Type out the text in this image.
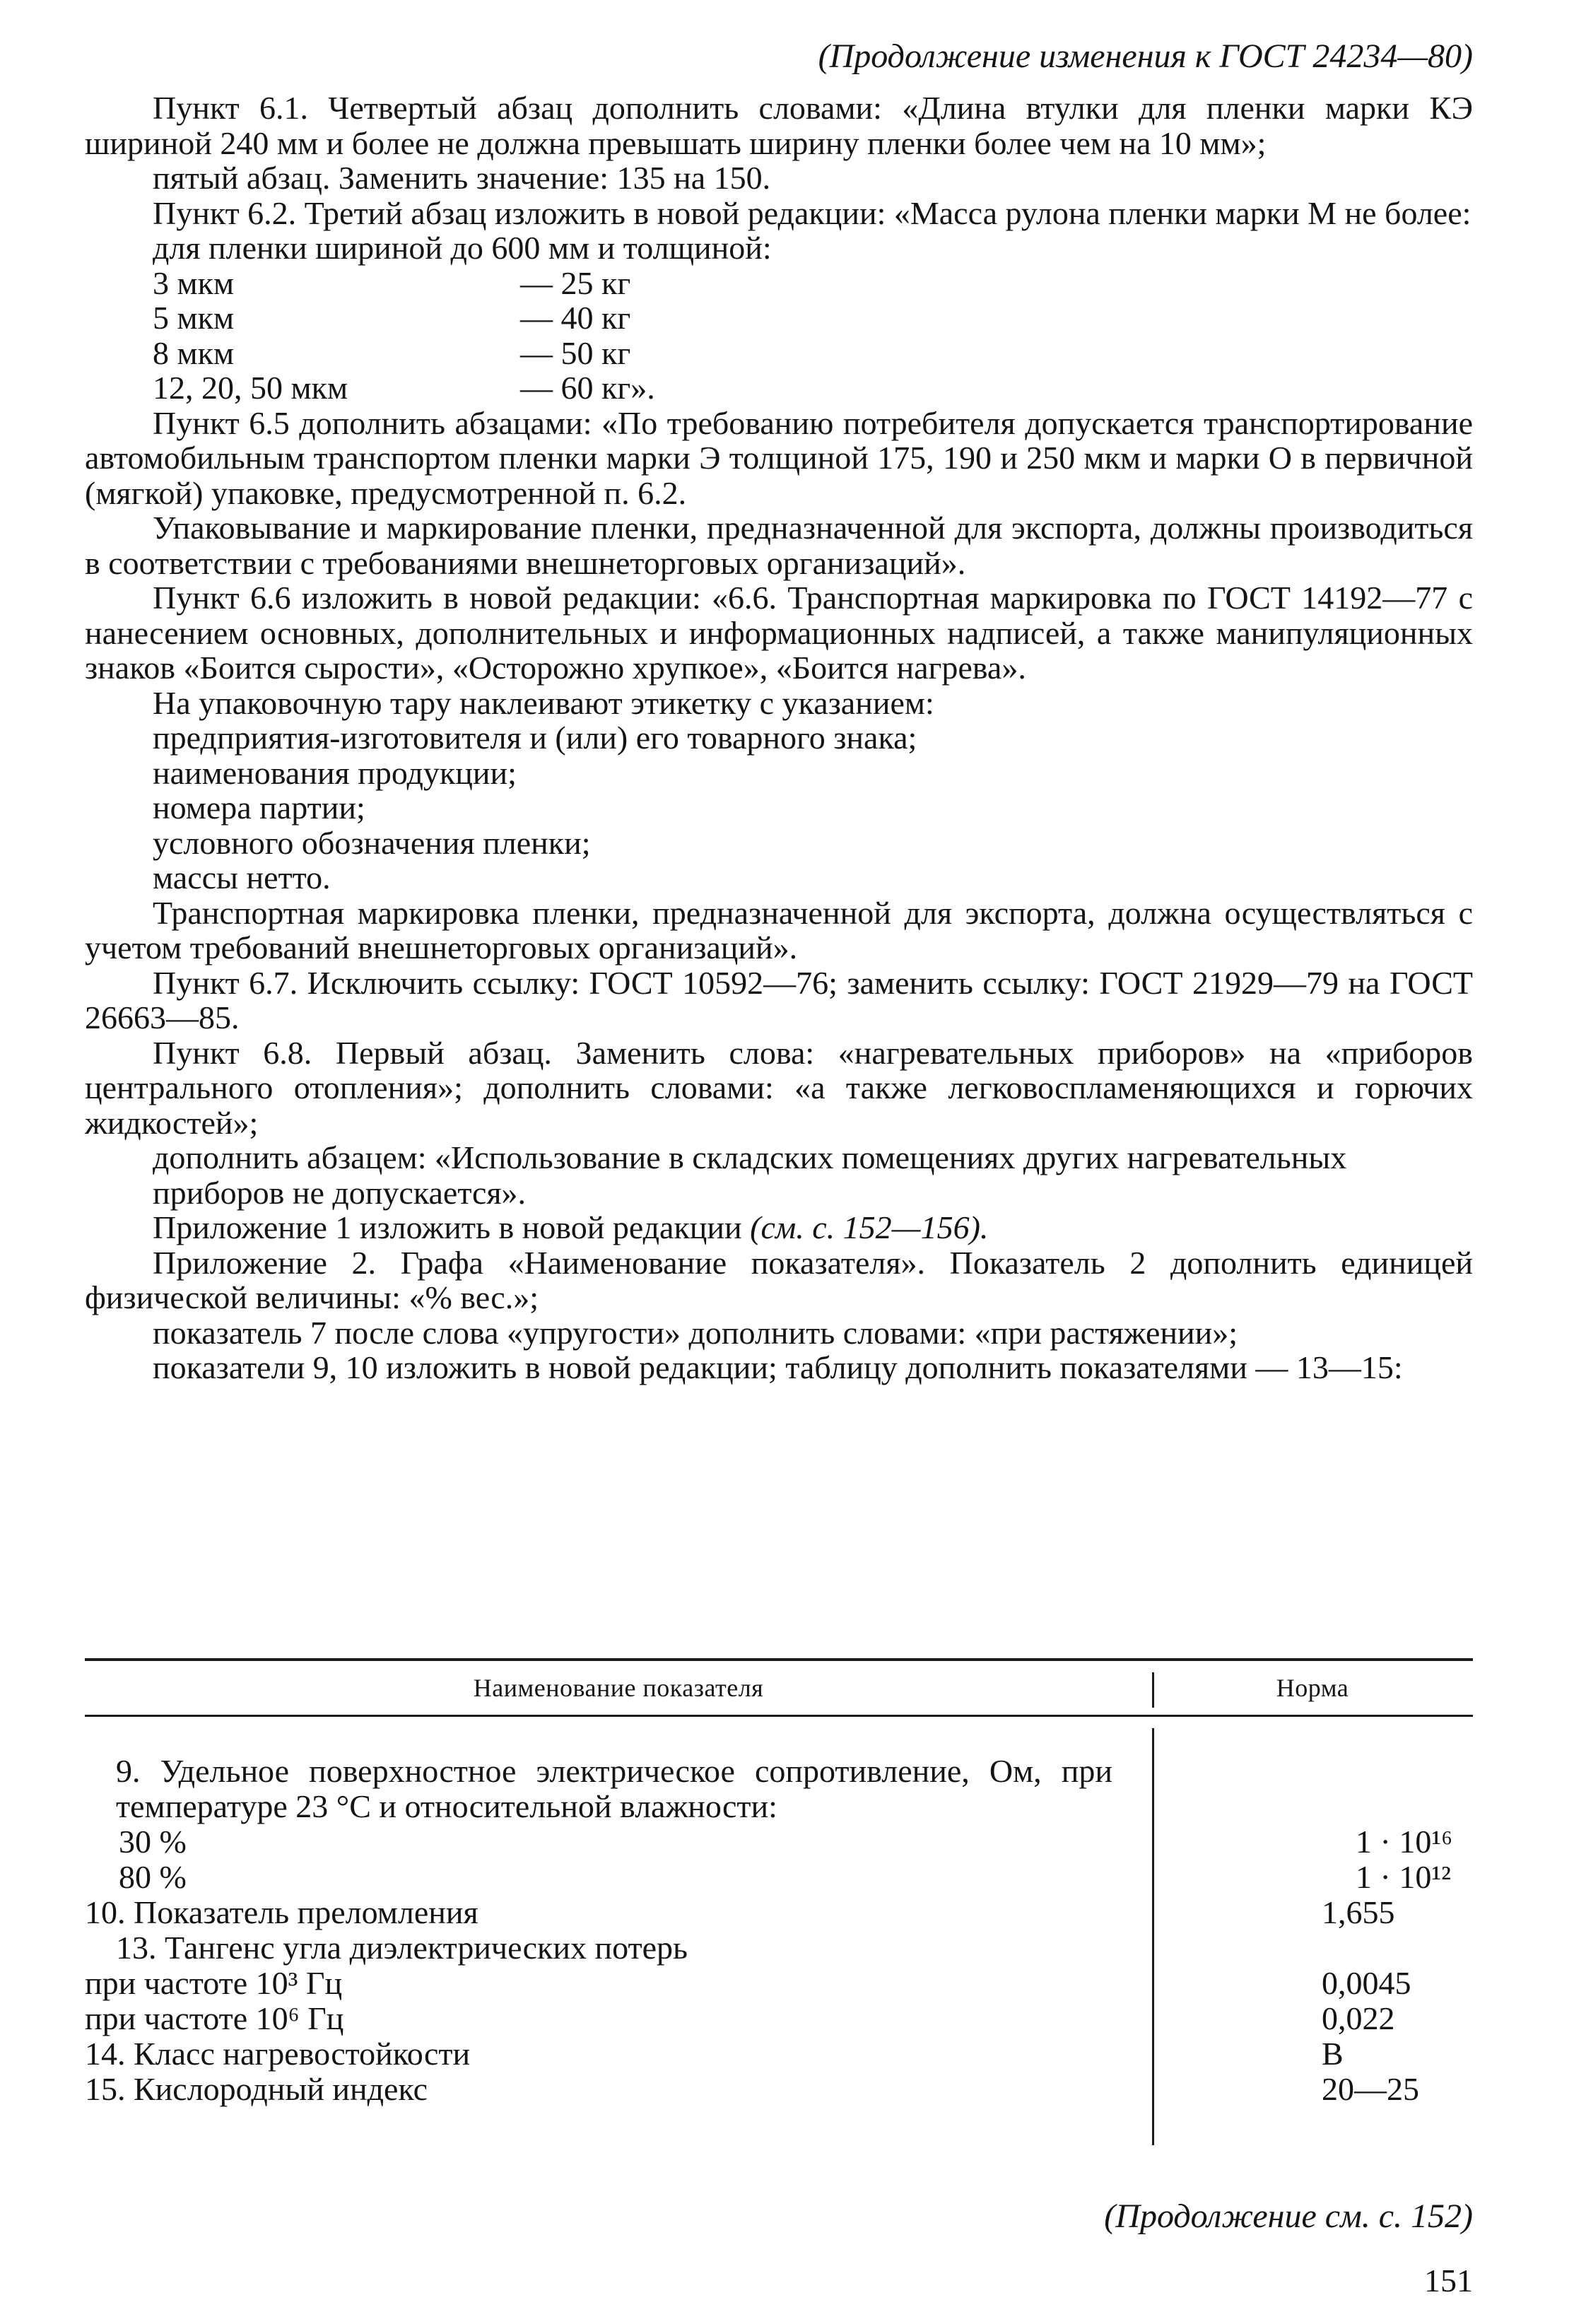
(Продолжение изменения к ГОСТ 24234—80)

Пункт 6.1. Четвертый абзац дополнить словами: «Длина втулки для пленки марки КЭ шириной 240 мм и более не должна превышать ширину пленки более чем на 10 мм»;

пятый абзац. Заменить значение: 135 на 150.

Пункт 6.2. Третий абзац изложить в новой редакции: «Масса рулона пленки марки М не более:

для пленки шириной до 600 мм и толщиной:

3 мкм	— 25 кг
5 мкм	— 40 кг
8 мкм	— 50 кг
12, 20, 50 мкм	— 60 кг».

Пункт 6.5 дополнить абзацами: «По требованию потребителя допускается транспортирование автомобильным транспортом пленки марки Э толщиной 175, 190 и 250 мкм и марки О в первичной (мягкой) упаковке, предусмотренной п. 6.2.

Упаковывание и маркирование пленки, предназначенной для экспорта, должны производиться в соответствии с требованиями внешнеторговых организаций».

Пункт 6.6 изложить в новой редакции: «6.6. Транспортная маркировка по ГОСТ 14192—77 с нанесением основных, дополнительных и информационных надписей, а также манипуляционных знаков «Боится сырости», «Осторожно хрупкое», «Боится нагрева».

На упаковочную тару наклеивают этикетку с указанием:

предприятия-изготовителя и (или) его товарного знака;

наименования продукции;

номера партии;

условного обозначения пленки;

массы нетто.

Транспортная маркировка пленки, предназначенной для экспорта, должна осуществляться с учетом требований внешнеторговых организаций».

Пункт 6.7. Исключить ссылку: ГОСТ 10592—76; заменить ссылку: ГОСТ 21929—79 на ГОСТ 26663—85.

Пункт 6.8. Первый абзац. Заменить слова: «нагревательных приборов» на «приборов центрального отопления»; дополнить словами: «а также легковоспламеняющихся и горючих жидкостей»;

дополнить абзацем: «Использование в складских помещениях других нагревательных приборов не допускается».

Приложение 1 изложить в новой редакции (см. с. 152—156).

Приложение 2. Графа «Наименование показателя». Показатель 2 дополнить единицей физической величины: «% вес.»;

показатель 7 после слова «упругости» дополнить словами: «при растяжении»;

показатели 9, 10 изложить в новой редакции; таблицу дополнить показателями — 13—15:

Наименование показателя	Норма
9. Удельное поверхностное электрическое сопротивление, Ом, при температуре 23 °С и относительной влажности:
30 %	1 · 10¹⁶
80 %	1 · 10¹²
10. Показатель преломления	1,655
13. Тангенс угла диэлектрических потерь
при частоте 10³ Гц	0,0045
при частоте 10⁶ Гц	0,022
14. Класс нагревостойкости	В
15. Кислородный индекс	20—25
(Продолжение см. с. 152)
151
